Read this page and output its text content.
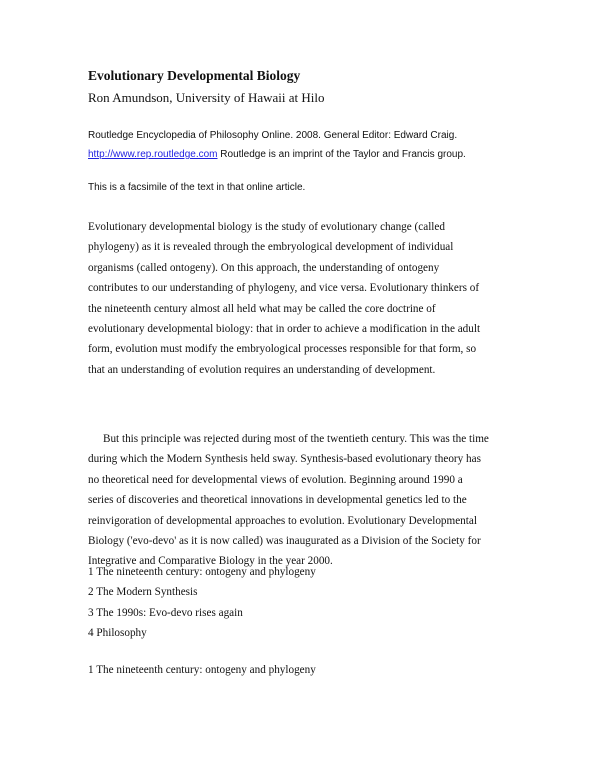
Evolutionary Developmental Biology
Ron Amundson, University of Hawaii at Hilo
Routledge Encyclopedia of Philosophy Online. 2008. General Editor: Edward Craig.
http://www.rep.routledge.com Routledge is an imprint of the Taylor and Francis group.
This is a facsimile of the text in that online article.
Evolutionary developmental biology is the study of evolutionary change (called
phylogeny) as it is revealed through the embryological development of individual
organisms (called ontogeny). On this approach, the understanding of ontogeny
contributes to our understanding of phylogeny, and vice versa. Evolutionary thinkers of
the nineteenth century almost all held what may be called the core doctrine of
evolutionary developmental biology: that in order to achieve a modification in the adult
form, evolution must modify the embryological processes responsible for that form, so
that an understanding of evolution requires an understanding of development.
But this principle was rejected during most of the twentieth century. This was the time
during which the Modern Synthesis held sway. Synthesis-based evolutionary theory has
no theoretical need for developmental views of evolution. Beginning around 1990 a
series of discoveries and theoretical innovations in developmental genetics led to the
reinvigoration of developmental approaches to evolution. Evolutionary Developmental
Biology ('evo-devo' as it is now called) was inaugurated as a Division of the Society for
Integrative and Comparative Biology in the year 2000.
1 The nineteenth century: ontogeny and phylogeny
2 The Modern Synthesis
3 The 1990s: Evo-devo rises again
4 Philosophy
1 The nineteenth century: ontogeny and phylogeny
